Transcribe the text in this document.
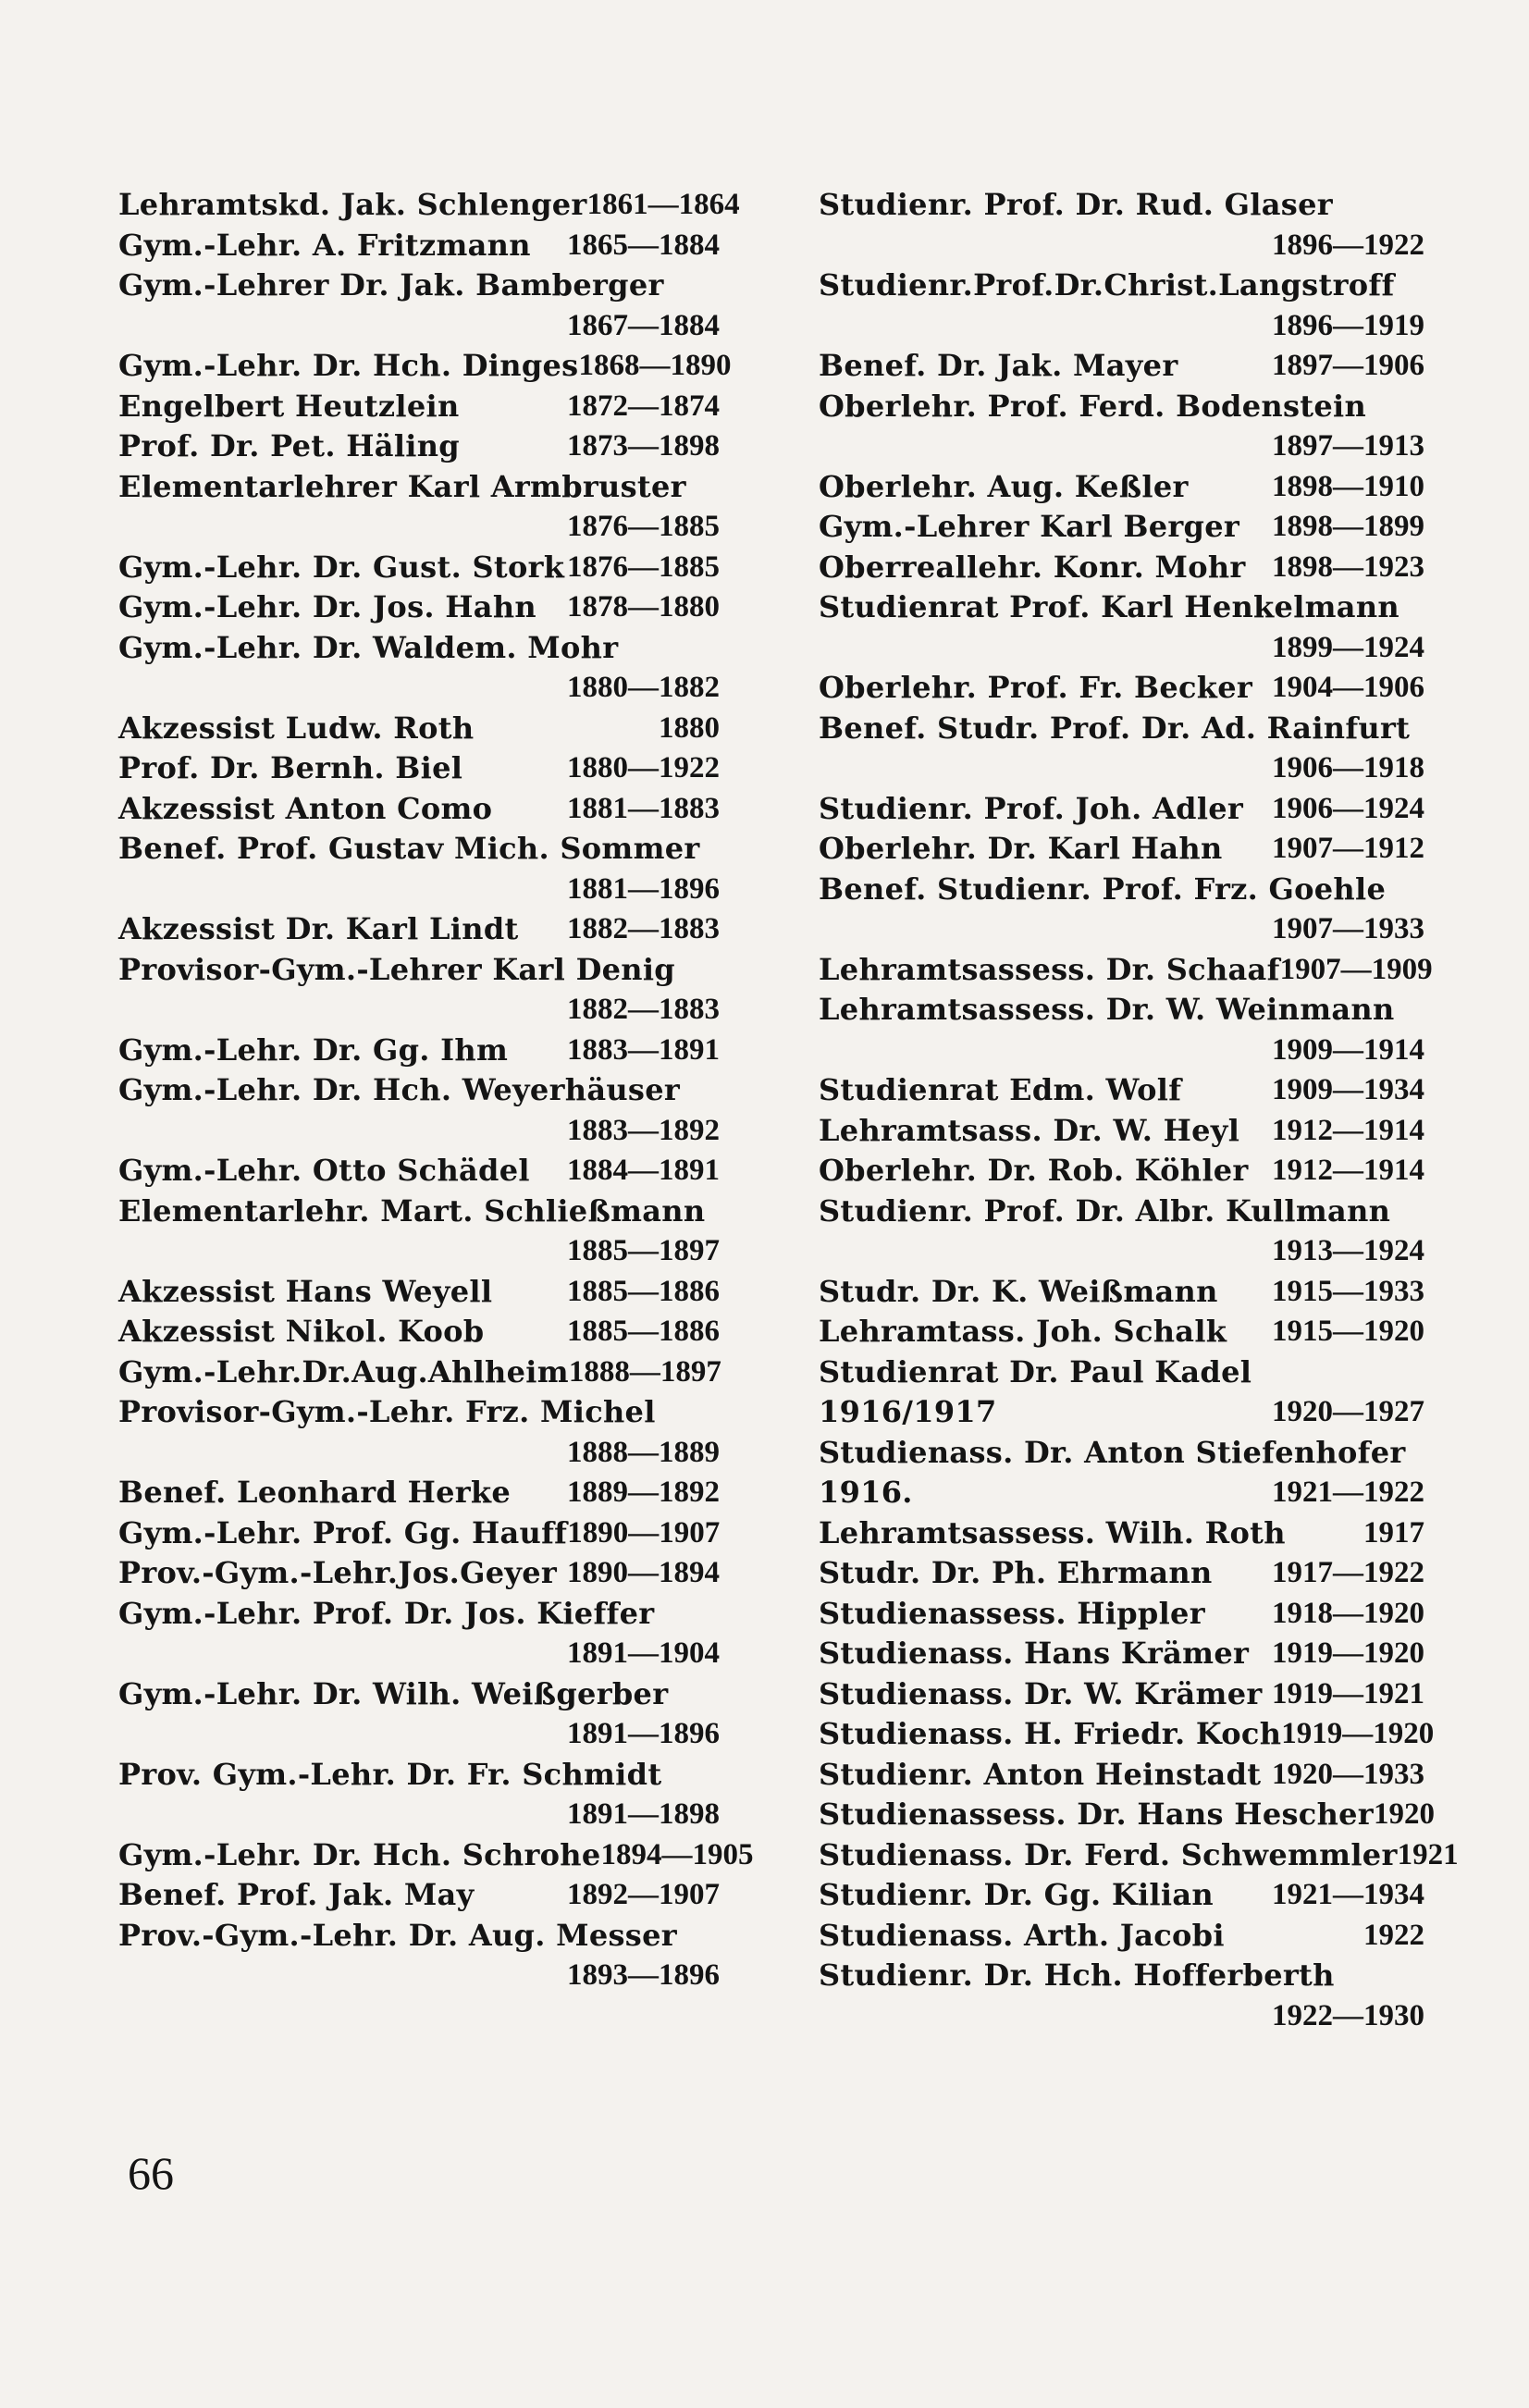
Lehramtskd. Jak. Schlenger 1861—1864
Gym.-Lehr. A. Fritzmann 1865—1884
Gym.-Lehrer Dr. Jak. Bamberger
1867—1884
Gym.-Lehr. Dr. Hch. Dinges 1868—1890
Engelbert Heutzlein	1872—1874
Prof. Dr. Pet. Häling	1873—1898
Elementarlehrer Karl Armbruster
1876—1885
Gym.-Lehr. Dr. Gust. Stork 1876—1885
Gym.-Lehr. Dr. Jos. Hahn 1878—1880
Gym.-Lehr. Dr. Waldem. Mohr
1880—1882
Akzessist Ludw. Roth	1880
Prof. Dr. Bernh. Biel	1880—1922
Akzessist Anton Como 1881—1883
Benef. Prof. Gustav Mich. Sommer
1881—1896
Akzessist Dr. Karl Lindt 1882—1883
Provisor-Gym.-Lehrer Karl Denig
1882—1883
Gym.-Lehr. Dr. Gg. Ihm 1883—1891
Gym.-Lehr. Dr. Hch. Weyerhäuser
1883—1892
Gym.-Lehr. Otto Schädel 1884—1891
Elementarlehr. Mart. Schließmann
1885—1897
Akzessist Hans Weyell 1885—1886
Akzessist Nikol. Koob	1885—1886
Gym.-Lehr.Dr.Aug.Ahlheim 1888—1897
Provisor-Gym.-Lehr. Frz. Michel
1888—1889
Benef. Leonhard Herke 1889—1892
Gym.-Lehr. Prof. Gg. Hauff 1890—1907
Prov.-Gym.-Lehr.Jos.Geyer 1890—1894
Gym.-Lehr. Prof. Dr. Jos. Kieffer
1891—1904
Gym.-Lehr. Dr. Wilh. Weißgerber
1891—1896
Prov. Gym.-Lehr. Dr. Fr. Schmidt
1891—1898
Gym.-Lehr. Dr. Hch. Schrohe 1894—1905
Benef. Prof. Jak. May	1892—1907
Prov.-Gym.-Lehr. Dr. Aug. Messer
1893—1896
Studienr. Prof. Dr. Rud. Glaser
1896—1922
Studienr.Prof.Dr.Christ.Langstroff
1896—1919
Benef. Dr. Jak. Mayer	1897—1906
Oberlehr. Prof. Ferd. Bodenstein
1897—1913
Oberlehr. Aug. Keßler	1898—1910
Gym.-Lehrer Karl Berger 1898—1899
Oberreallehr. Konr. Mohr 1898—1923
Studienrat Prof. Karl Henkelmann
1899—1924
Oberlehr. Prof. Fr. Becker 1904—1906
Benef. Studr. Prof. Dr. Ad. Rainfurt
1906—1918
Studienr. Prof. Joh. Adler 1906—1924
Oberlehr. Dr. Karl Hahn 1907—1912
Benef. Studienr. Prof. Frz. Goehle
1907—1933
Lehramtsassess. Dr. Schaaf 1907—1909
Lehramtsassess. Dr. W. Weinmann
1909—1914
Studienrat Edm. Wolf	1909—1934
Lehramtsass. Dr. W. Heyl 1912—1914
Oberlehr. Dr. Rob. Köhler 1912—1914
Studienr. Prof. Dr. Albr. Kullmann
1913—1924
Studr. Dr. K. Weißmann 1915—1933
Lehramtass. Joh. Schalk 1915—1920
Studienrat Dr. Paul Kadel
1916/1917	1920—1927
Studienass. Dr. Anton Stiefenhofer
1916.	1921—1922
Lehramtsassess. Wilh. Roth	1917
Studr. Dr. Ph. Ehrmann 1917—1922
Studienassess. Hippler 1918—1920
Studienass. Hans Krämer 1919—1920
Studienass. Dr. W. Krämer 1919—1921
Studienass. H. Friedr. Koch 1919—1920
Studienr. Anton Heinstadt 1920—1933
Studienassess. Dr. Hans Hescher 1920
Studienass. Dr. Ferd. Schwemmler 1921
Studienr. Dr. Gg. Kilian 1921—1934
Studienass. Arth. Jacobi	1922
Studienr. Dr. Hch. Hofferberth
1922—1930
66
